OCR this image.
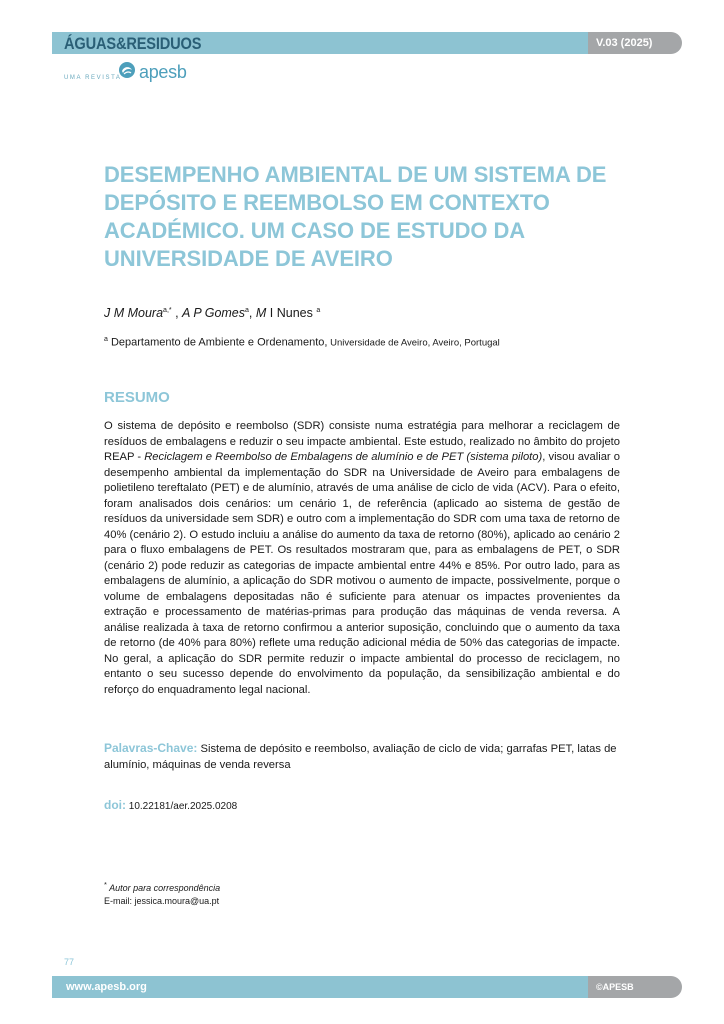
ÁGUAS&RESIDUOS	V.03 (2025)
UMA REVISTA apesb
DESEMPENHO AMBIENTAL DE UM SISTEMA DE DEPÓSITO E REEMBOLSO EM CONTEXTO ACADÉMICO. UM CASO DE ESTUDO DA UNIVERSIDADE DE AVEIRO
J M Moura$^{a,*}$ , A P Gomes$^a$, M I Nunes $^a$
$^a$ Departamento de Ambiente e Ordenamento, Universidade de Aveiro, Aveiro, Portugal
RESUMO

O sistema de depósito e reembolso (SDR) consiste numa estratégia para melhorar a reciclagem de resíduos de embalagens e reduzir o seu impacte ambiental. Este estudo, realizado no âmbito do projeto REAP - Reciclagem e Reembolso de Embalagens de alumínio e de PET (sistema piloto), visou avaliar o desempenho ambiental da implementação do SDR na Universidade de Aveiro para embalagens de polietileno tereftalato (PET) e de alumínio, através de uma análise de ciclo de vida (ACV). Para o efeito, foram analisados dois cenários: um cenário 1, de referência (aplicado ao sistema de gestão de resíduos da universidade sem SDR) e outro com a implementação do SDR com uma taxa de retorno de 40% (cenário 2). O estudo incluiu a análise do aumento da taxa de retorno (80%), aplicado ao cenário 2 para o fluxo embalagens de PET. Os resultados mostraram que, para as embalagens de PET, o SDR (cenário 2) pode reduzir as categorias de impacte ambiental entre 44% e 85%. Por outro lado, para as embalagens de alumínio, a aplicação do SDR motivou o aumento de impacte, possivelmente, porque o volume de embalagens depositadas não é suficiente para atenuar os impactes provenientes da extração e processamento de matérias-primas para produção das máquinas de venda reversa. A análise realizada à taxa de retorno confirmou a anterior suposição, concluindo que o aumento da taxa de retorno (de 40% para 80%) reflete uma redução adicional média de 50% das categorias de impacte. No geral, a aplicação do SDR permite reduzir o impacte ambiental do processo de reciclagem, no entanto o seu sucesso depende do envolvimento da população, da sensibilização ambiental e do reforço do enquadramento legal nacional.

Palavras-Chave: Sistema de depósito e reembolso, avaliação de ciclo de vida; garrafas PET, latas de alumínio, máquinas de venda reversa

doi: 10.22181/aer.2025.0208
* Autor para correspondência
E-mail: jessica.moura@ua.pt
77
www.apesb.org	©APESB
